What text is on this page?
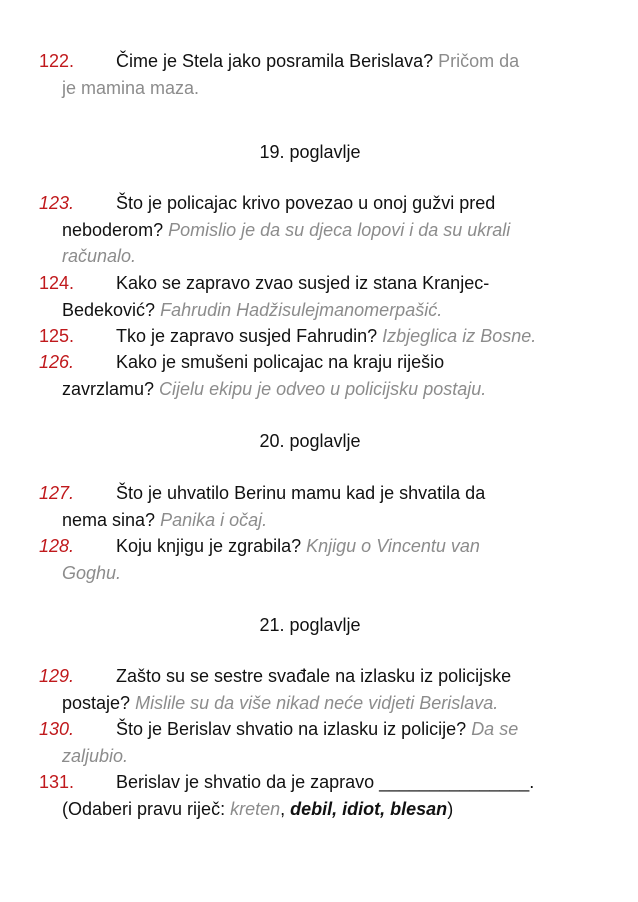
122. Čime je Stela jako posramila Berislava? Pričom da
je mamina maza.
19. poglavlje
123. Što je policajac krivo povezao u onoj gužvi pred
neboderom? Pomislio je da su djeca lopovi i da su ukrali
računalo.
124. Kako se zapravo zvao susjed iz stana Kranjec-
Bedeković? Fahrudin Hadžisulejmanomerpašić.
125. Tko je zapravo susjed Fahrudin? Izbjeglica iz Bosne.
126. Kako je smušeni policajac na kraju riješio
zavrzlamu? Cijelu ekipu je odveo u policijsku postaju.
20. poglavlje
127. Što je uhvatilo Berinu mamu kad je shvatila da
nema sina? Panika i očaj.
128. Koju knjigu je zgrabila? Knjigu o Vincentu van
Goghu.
21. poglavlje
129. Zašto su se sestre svađale na izlasku iz policijske
postaje? Mislile su da više nikad neće vidjeti Berislava.
130. Što je Berislav shvatio na izlasku iz policije? Da se
zaljubio.
131. Berislav je shvatio da je zapravo _______________.
(Odaberi pravu riječ: kreten, debil, idiot, blesan)
